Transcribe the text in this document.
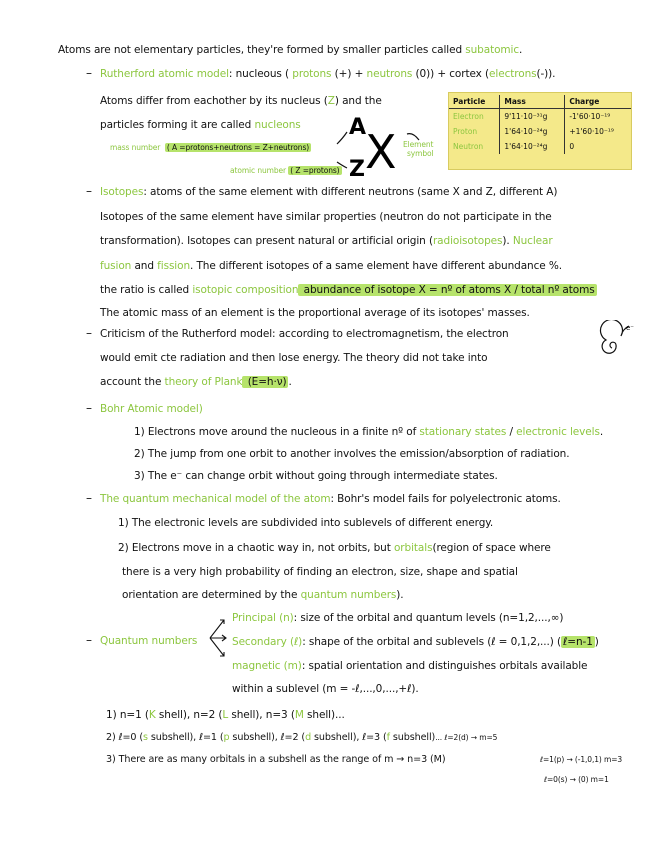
Atoms are not elementary particles, they're formed by smaller particles called subatomic.
– Rutherford atomic model: nucleous ( protons (+) + neutrons (0)) + cortex (electrons(-)).
Atoms differ from eachother by its nucleus (Z) and the
particles forming it are called nucleons
mass number ( A =protons+neutrons = Z+neutrons)
atomic number ( Z =protons)
A
X
Z
Element
symbol
Particle	Mass	Charge
Electron	9'11·10⁻³¹g	-1'60·10⁻¹⁹
Proton	1'64·10⁻²⁴g	+1'60·10⁻¹⁹
Neutron	1'64·10⁻²⁴g	0
– Isotopes: atoms of the same element with different neutrons (same X and Z, different A)
Isotopes of the same element have similar properties (neutron do not participate in the
transformation). Isotopes can present natural or artificial origin (radioisotopes). Nuclear
fusion and fission. The different isotopes of a same element have different abundance %.
the ratio is called isotopic composition abundance of isotope X = nº of atoms X / total nº atoms
The atomic mass of an element is the proportional average of its isotopes' masses.
– Criticism of the Rutherford model: according to electromagnetism, the electron
would emit cte radiation and then lose energy. The theory did not take into
account the theory of Plank (E=h·ν) .
e⁻
– Bohr Atomic model)
1) Electrons move around the nucleous in a finite nº of stationary states / electronic levels.
2) The jump from one orbit to another involves the emission/absorption of radiation.
3) The e⁻ can change orbit without going through intermediate states.
– The quantum mechanical model of the atom: Bohr's model fails for polyelectronic atoms.
1) The electronic levels are subdivided into sublevels of different energy.
2) Electrons move in a chaotic way in, not orbits, but orbitals(region of space where
there is a very high probability of finding an electron, size, shape and spatial
orientation are determined by the quantum numbers).
– Quantum numbers
Principal (n): size of the orbital and quantum levels (n=1,2,...,∞)
Secondary (ℓ): shape of the orbital and sublevels (ℓ = 0,1,2,...) ( ℓ=n-1 )
magnetic (m): spatial orientation and distinguishes orbitals available
within a sublevel (m = -ℓ,...,0,...,+ℓ).
1) n=1 (K shell), n=2 (L shell), n=3 (M shell)...
2) ℓ=0 (s subshell), ℓ=1 (p subshell), ℓ=2 (d subshell), ℓ=3 (f subshell)... ℓ=2(d) → m=5
3) There are as many orbitals in a subshell as the range of m → n=3 (M)	ℓ=1(p) → (-1,0,1) m=3
ℓ=0(s) → (0) m=1
